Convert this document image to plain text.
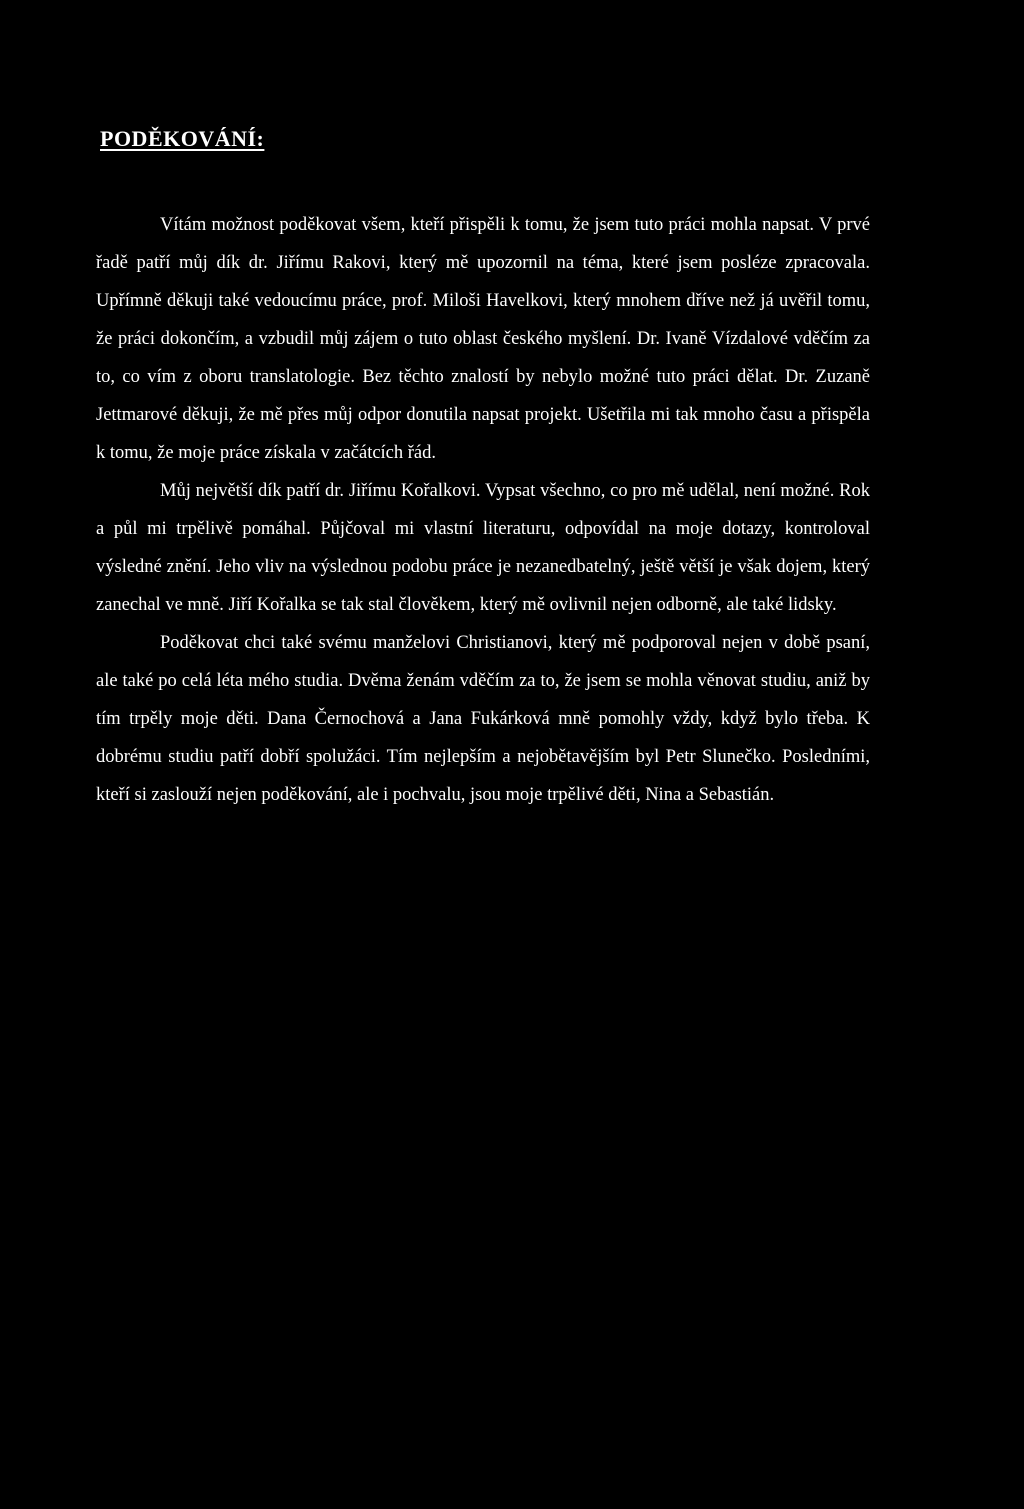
PODĚKOVÁNÍ:

Vítám možnost poděkovat všem, kteří přispěli k tomu, že jsem tuto práci mohla napsat. V prvé řadě patří můj dík dr. Jiřímu Rakovi, který mě upozornil na téma, které jsem posléze zpracovala. Upřímně děkuji také vedoucímu práce, prof. Miloši Havelkovi, který mnohem dříve než já uvěřil tomu, že práci dokončím, a vzbudil můj zájem o tuto oblast českého myšlení. Dr. Ivaně Vízdalové vděčím za to, co vím z oboru translatologie. Bez těchto znalostí by nebylo možné tuto práci dělat. Dr. Zuzaně Jettmarové děkuji, že mě přes můj odpor donutila napsat projekt. Ušetřila mi tak mnoho času a přispěla k tomu, že moje práce získala v začátcích řád.

Můj největší dík patří dr. Jiřímu Kořalkovi. Vypsat všechno, co pro mě udělal, není možné. Rok a půl mi trpělivě pomáhal. Půjčoval mi vlastní literaturu, odpovídal na moje dotazy, kontroloval výsledné znění. Jeho vliv na výslednou podobu práce je nezanedbatelný, ještě větší je však dojem, který zanechal ve mně. Jiří Kořalka se tak stal člověkem, který mě ovlivnil nejen odborně, ale také lidsky.

Poděkovat chci také svému manželovi Christianovi, který mě podporoval nejen v době psaní, ale také po celá léta mého studia. Dvěma ženám vděčím za to, že jsem se mohla věnovat studiu, aniž by tím trpěly moje děti. Dana Černochová a Jana Fukárková mně pomohly vždy, když bylo třeba. K dobrému studiu patří dobří spolužáci. Tím nejlepším a nejobětavějším byl Petr Slunečko. Posledními, kteří si zaslouží nejen poděkování, ale i pochvalu, jsou moje trpělivé děti, Nina a Sebastián.
